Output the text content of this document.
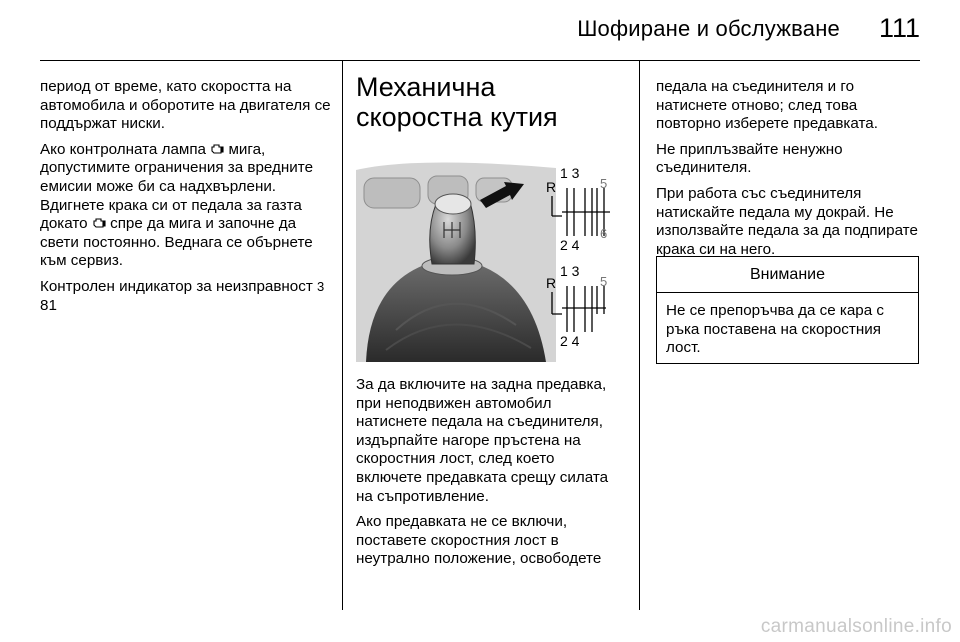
Шофиране и обслужване 111

период от време, като скоростта на автомобила и оборотите на двигателя се поддържат ниски.

Ако контролната лампа мига, допустимите ограничения за вредните емисии може би са надхвърлени. Вдигнете крака си от педала за газта докато спре да мига и започне да свети постоянно. Веднага се обърнете към сервиз.

Контролен индикатор за неизправност 3 81

Механична скоростна кутия
1 3
5
6
2 4
R
1 3
5
2 4
R

За да включите на задна предавка, при неподвижен автомобил натиснете педала на съединителя, издърпайте нагоре пръстена на скоростния лост, след което включете предавката срещу силата на съпротивление.

Ако предавката не се включи, поставете скоростния лост в неутрално положение, освободете

педала на съединителя и го натиснете отново; след това повторно изберете предавката.

Не приплъзвайте ненужно съединителя.

При работа със съединителя натискайте педала му докрай. Не използвайте педала за да подпирате крака си на него.

Внимание
Не се препоръчва да се кара с ръка поставена на скоростния лост.
carmanualsonline.info
